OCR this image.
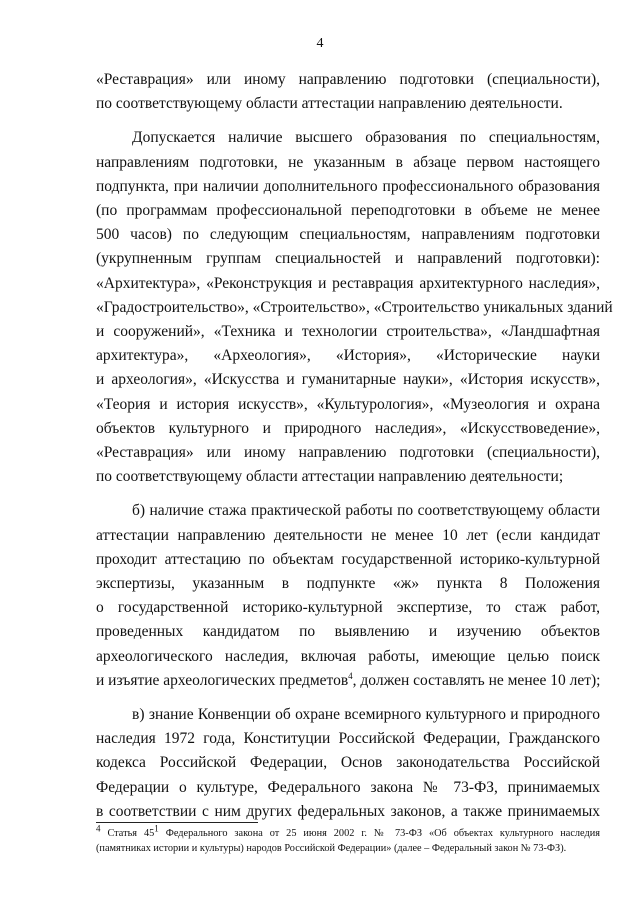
4
«Реставрация» или иному направлению подготовки (специальности),
по соответствующему области аттестации направлению деятельности.
Допускается наличие высшего образования по специальностям,
направлениям подготовки, не указанным в абзаце первом настоящего
подпункта, при наличии дополнительного профессионального образования
(по программам профессиональной переподготовки в объеме не менее
500 часов) по следующим специальностям, направлениям подготовки
(укрупненным группам специальностей и направлений подготовки):
«Архитектура», «Реконструкция и реставрация архитектурного наследия»,
«Градостроительство», «Строительство», «Строительство уникальных зданий
и сооружений», «Техника и технологии строительства», «Ландшафтная
архитектура», «Археология», «История», «Исторические науки
и археология», «Искусства и гуманитарные науки», «История искусств»,
«Теория и история искусств», «Культурология», «Музеология и охрана
объектов культурного и природного наследия», «Искусствоведение»,
«Реставрация» или иному направлению подготовки (специальности),
по соответствующему области аттестации направлению деятельности;
б) наличие стажа практической работы по соответствующему области
аттестации направлению деятельности не менее 10 лет (если кандидат
проходит аттестацию по объектам государственной историко-культурной
экспертизы, указанным в подпункте «ж» пункта 8 Положения
о государственной историко-культурной экспертизе, то стаж работ,
проведенных кандидатом по выявлению и изучению объектов
археологического наследия, включая работы, имеющие целью поиск
и изъятие археологических предметов$^4$, должен составлять не менее 10 лет);
в) знание Конвенции об охране всемирного культурного и природного
наследия 1972 года, Конституции Российской Федерации, Гражданского
кодекса Российской Федерации, Основ законодательства Российской
Федерации о культуре, Федерального закона № 73-ФЗ, принимаемых
в соответствии с ним других федеральных законов, а также принимаемых
$^4$ Статья $45^1$ Федерального закона от 25 июня 2002 г. № 73-ФЗ «Об объектах культурного наследия
(памятниках истории и культуры) народов Российской Федерации» (далее – Федеральный закон № 73-ФЗ).
